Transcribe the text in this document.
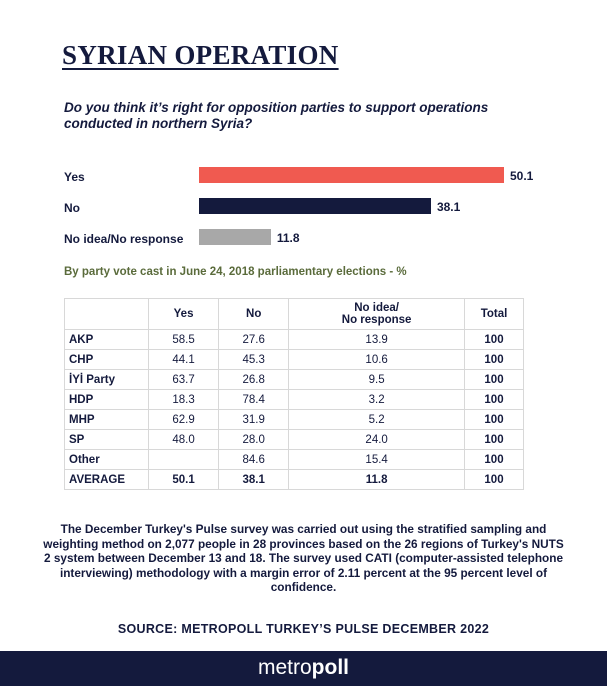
SYRIAN OPERATION
Do you think it’s right for opposition parties to support operations conducted in northern Syria?
Yes	50.1
No	38.1
No idea/No response	11.8
By party vote cast in June 24, 2018 parliamentary elections - %
	Yes	No	No idea/
No response	Total
AKP	58.5	27.6	13.9	100
CHP	44.1	45.3	10.6	100
İYİ Party	63.7	26.8	9.5	100
HDP	18.3	78.4	3.2	100
MHP	62.9	31.9	5.2	100
SP	48.0	28.0	24.0	100
Other		84.6	15.4	100
AVERAGE	50.1	38.1	11.8	100
The December Turkey's Pulse survey was carried out using the stratified sampling and weighting method on 2,077 people in 28 provinces based on the 26 regions of Turkey's NUTS 2 system between December 13 and 18. The survey used CATI (computer-assisted telephone interviewing) methodology with a margin error of 2.11 percent at the 95 percent level of confidence.
SOURCE: METROPOLL TURKEY’S PULSE DECEMBER 2022
metropoll
